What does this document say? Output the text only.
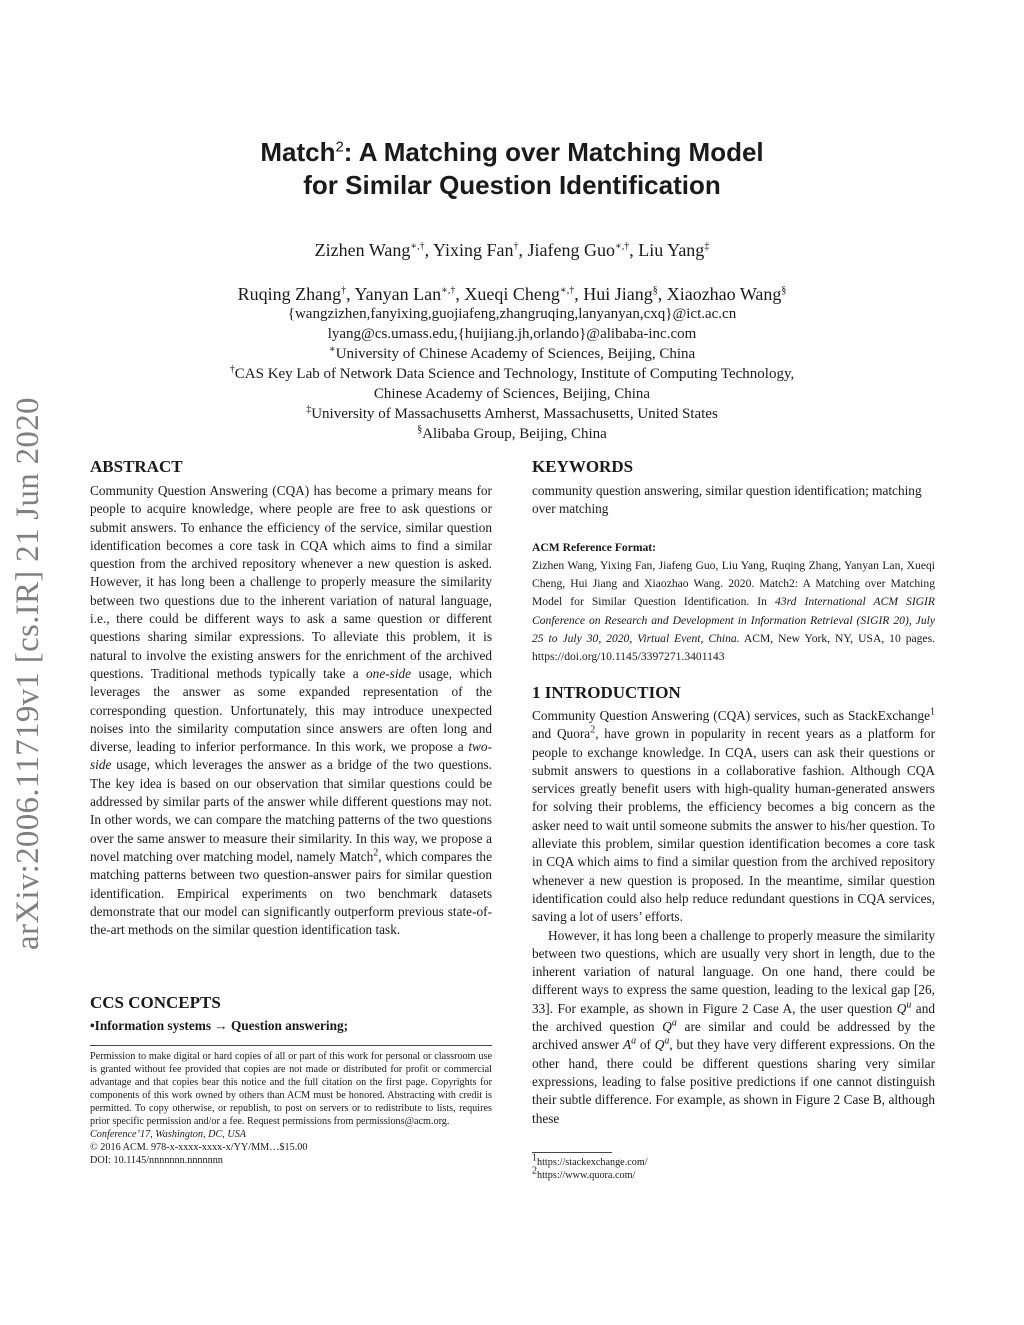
arXiv:2006.11719v1 [cs.IR] 21 Jun 2020
Match$^2$: A Matching over Matching Model
for Similar Question Identification
Zizhen Wang∗,†, Yixing Fan†, Jiafeng Guo∗,†, Liu Yang‡
Ruqing Zhang†, Yanyan Lan∗,†, Xueqi Cheng∗,†, Hui Jiang§, Xiaozhao Wang§
{wangzizhen,fanyixing,guojiafeng,zhangruqing,lanyanyan,cxq}@ict.ac.cn
lyang@cs.umass.edu,{huijiang.jh,orlando}@alibaba-inc.com
∗University of Chinese Academy of Sciences, Beijing, China
†CAS Key Lab of Network Data Science and Technology, Institute of Computing Technology,
Chinese Academy of Sciences, Beijing, China
‡University of Massachusetts Amherst, Massachusetts, United States
§Alibaba Group, Beijing, China
ABSTRACT

Community Question Answering (CQA) has become a primary means for people to acquire knowledge, where people are free to ask questions or submit answers. To enhance the efficiency of the service, similar question identification becomes a core task in CQA which aims to find a similar question from the archived repository whenever a new question is asked. However, it has long been a challenge to properly measure the similarity between two questions due to the inherent variation of natural language, i.e., there could be different ways to ask a same question or different questions sharing similar expressions. To alleviate this problem, it is natural to involve the existing answers for the enrichment of the archived questions. Traditional methods typically take a one-side usage, which leverages the answer as some expanded representation of the corresponding question. Unfortunately, this may introduce unexpected noises into the similarity computation since answers are often long and diverse, leading to inferior performance. In this work, we propose a two-side usage, which leverages the answer as a bridge of the two questions. The key idea is based on our observation that similar questions could be addressed by similar parts of the answer while different questions may not. In other words, we can compare the matching patterns of the two questions over the same answer to measure their similarity. In this way, we propose a novel matching over matching model, namely Match$^2$, which compares the matching patterns between two question-answer pairs for similar question identification. Empirical experiments on two benchmark datasets demonstrate that our model can significantly outperform previous state-of-the-art methods on the similar question identification task.

CCS CONCEPTS
•Information systems → Question answering;
Permission to make digital or hard copies of all or part of this work for personal or classroom use is granted without fee provided that copies are not made or distributed for profit or commercial advantage and that copies bear this notice and the full citation on the first page. Copyrights for components of this work owned by others than ACM must be honored. Abstracting with credit is permitted. To copy otherwise, or republish, to post on servers or to redistribute to lists, requires prior specific permission and/or a fee. Request permissions from permissions@acm.org.
Conference’17, Washington, DC, USA
© 2016 ACM. 978-x-xxxx-xxxx-x/YY/MM…$15.00
DOI: 10.1145/nnnnnnn.nnnnnnn
KEYWORDS
community question answering, similar question identification; matching over matching
ACM Reference Format:
Zizhen Wang, Yixing Fan, Jiafeng Guo, Liu Yang, Ruqing Zhang, Yanyan Lan, Xueqi Cheng, Hui Jiang and Xiaozhao Wang. 2020. Match2: A Matching over Matching Model for Similar Question Identification. In 43rd International ACM SIGIR Conference on Research and Development in Information Retrieval (SIGIR 20), July 25 to July 30, 2020, Virtual Event, China. ACM, New York, NY, USA, 10 pages. https://doi.org/10.1145/3397271.3401143
1 INTRODUCTION

Community Question Answering (CQA) services, such as StackExchange$^1$ and Quora$^2$, have grown in popularity in recent years as a platform for people to exchange knowledge. In CQA, users can ask their questions or submit answers to questions in a collaborative fashion. Although CQA services greatly benefit users with high-quality human-generated answers for solving their problems, the efficiency becomes a big concern as the asker need to wait until someone submits the answer to his/her question. To alleviate this problem, similar question identification becomes a core task in CQA which aims to find a similar question from the archived repository whenever a new question is proposed. In the meantime, similar question identification could also help reduce redundant questions in CQA services, saving a lot of users’ efforts.

However, it has long been a challenge to properly measure the similarity between two questions, which are usually very short in length, due to the inherent variation of natural language. On one hand, there could be different ways to express the same question, leading to the lexical gap [26, 33]. For example, as shown in Figure 2 Case A, the user question $Q^u$ and the archived question $Q^a$ are similar and could be addressed by the archived answer $A^a$ of $Q^a$, but they have very different expressions. On the other hand, there could be different questions sharing very similar expressions, leading to false positive predictions if one cannot distinguish their subtle difference. For example, as shown in Figure 2 Case B, although these

$^1$https://stackexchange.com/
$^2$https://www.quora.com/
